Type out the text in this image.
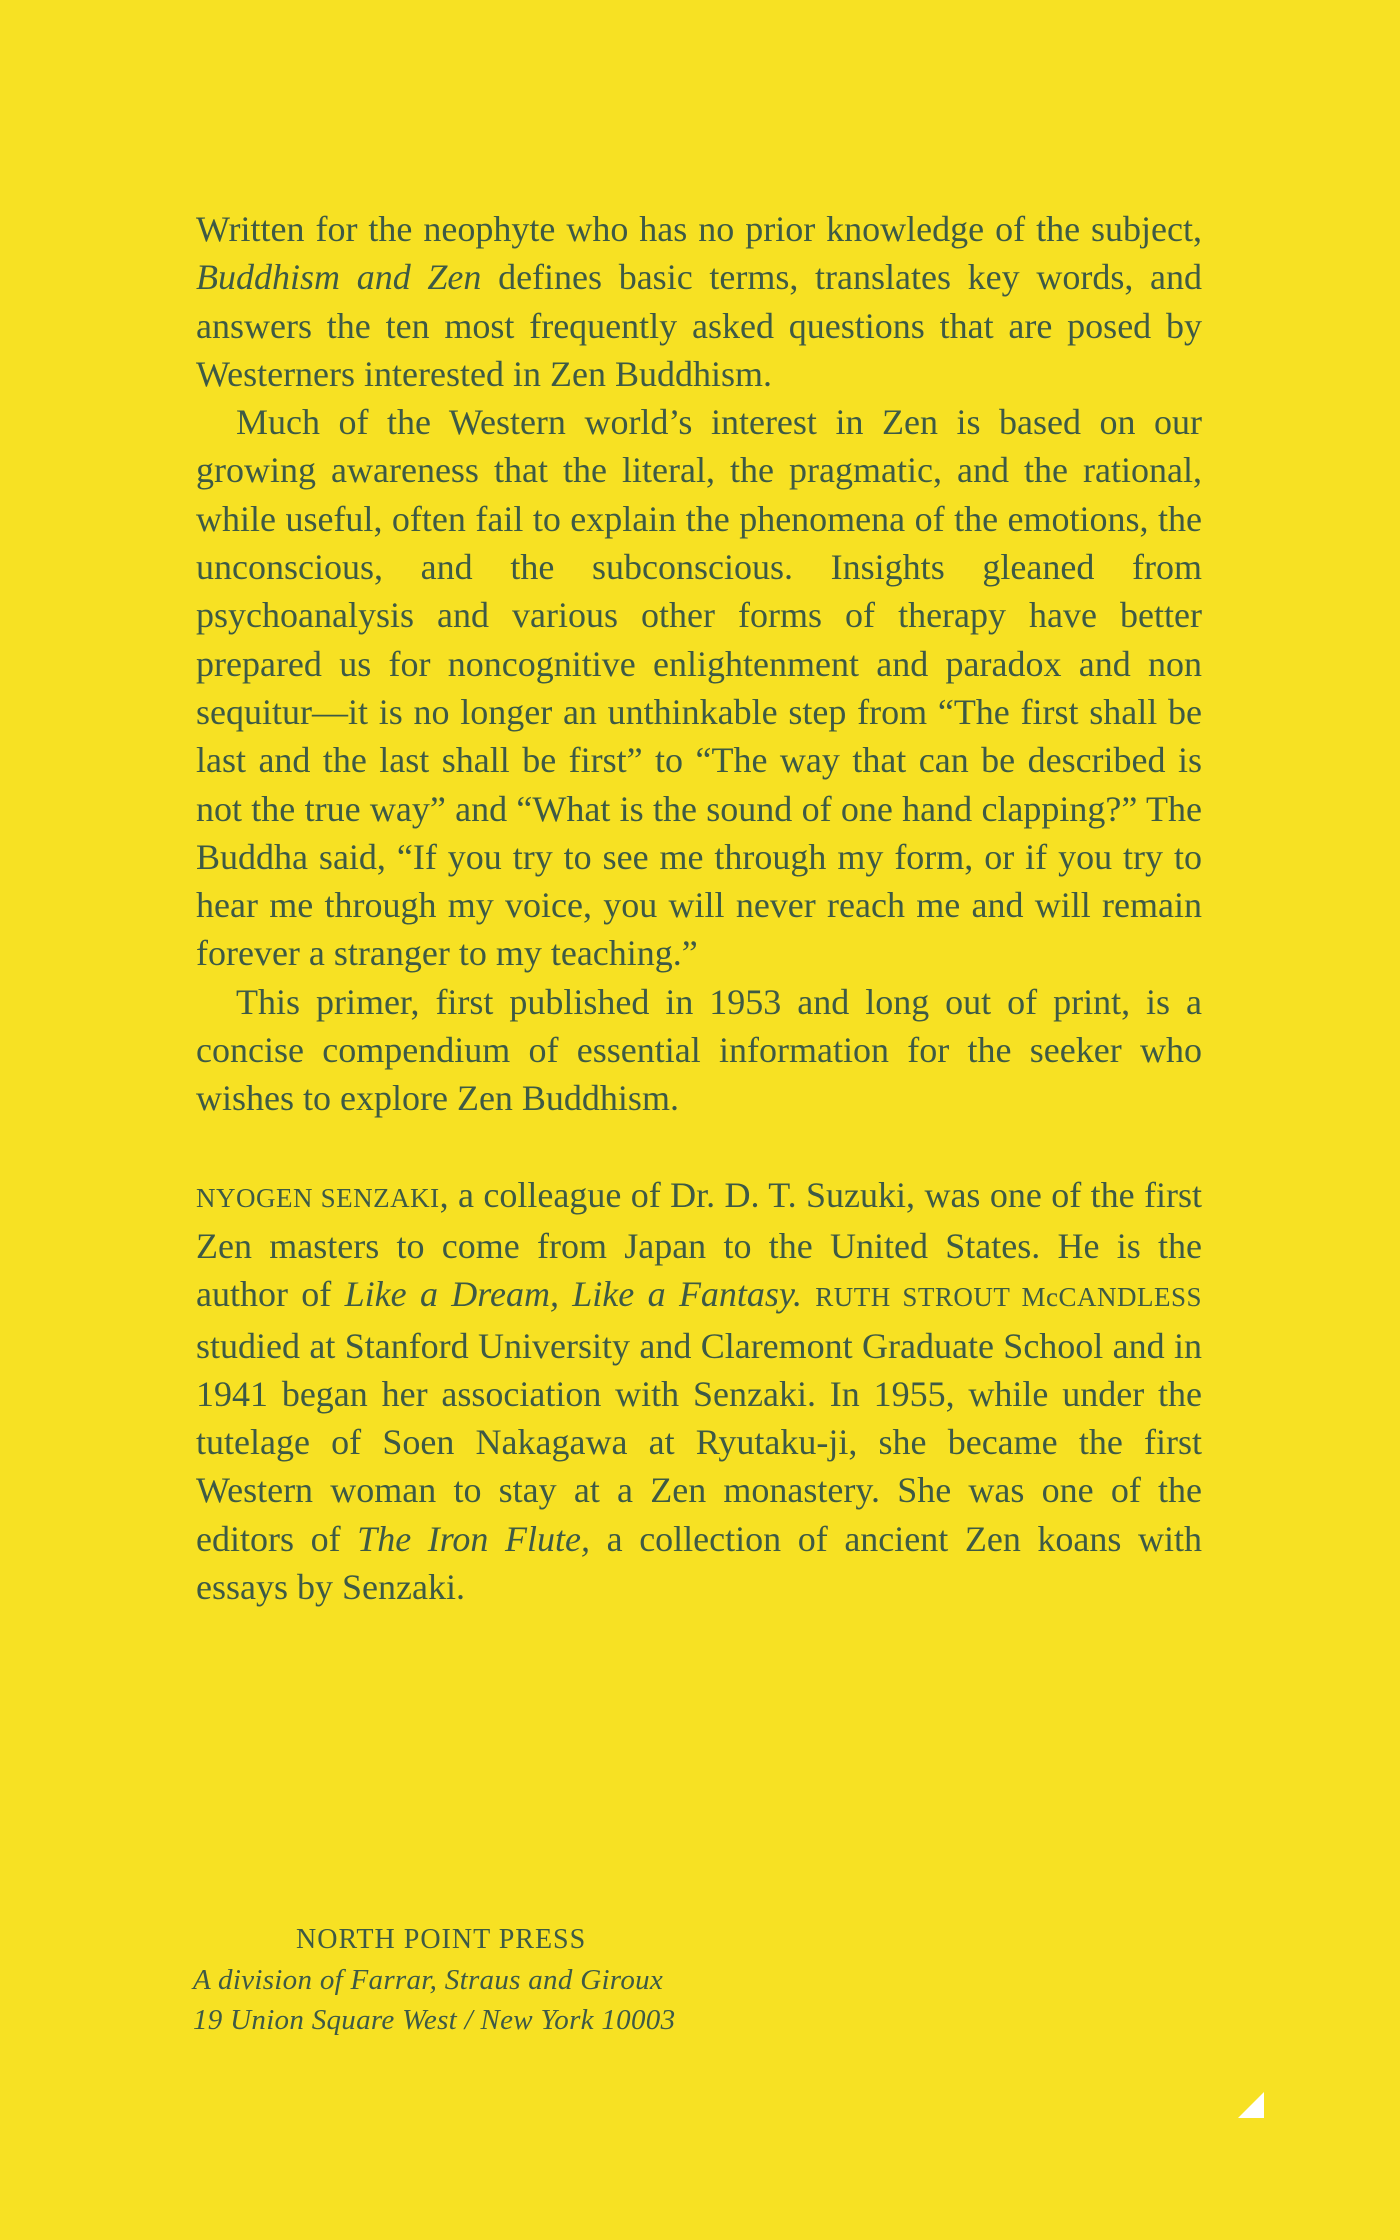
Written for the neophyte who has no prior knowledge of the subject, Buddhism and Zen defines basic terms, translates key words, and answers the ten most frequently asked questions that are posed by Westerners interested in Zen Buddhism.

Much of the Western world’s interest in Zen is based on our growing awareness that the literal, the pragmatic, and the rational, while useful, often fail to explain the phenomena of the emotions, the unconscious, and the subconscious. Insights gleaned from psychoanalysis and various other forms of therapy have better prepared us for noncognitive enlightenment and paradox and non sequitur—it is no longer an unthinkable step from “The first shall be last and the last shall be first” to “The way that can be described is not the true way” and “What is the sound of one hand clapping?” The Buddha said, “If you try to see me through my form, or if you try to hear me through my voice, you will never reach me and will remain forever a stranger to my teaching.”

This primer, first published in 1953 and long out of print, is a concise compendium of essential information for the seeker who wishes to explore Zen Buddhism.

NYOGEN SENZAKI, a colleague of Dr. D. T. Suzuki, was one of the first Zen masters to come from Japan to the United States. He is the author of Like a Dream, Like a Fantasy. RUTH STROUT McCANDLESS studied at Stanford University and Claremont Graduate School and in 1941 began her association with Senzaki. In 1955, while under the tutelage of Soen Nakagawa at Ryutaku-ji, she became the first Western woman to stay at a Zen monastery. She was one of the editors of The Iron Flute, a collection of ancient Zen koans with essays by Senzaki.

NORTH POINT PRESS
A division of Farrar, Straus and Giroux
19 Union Square West / New York 10003
